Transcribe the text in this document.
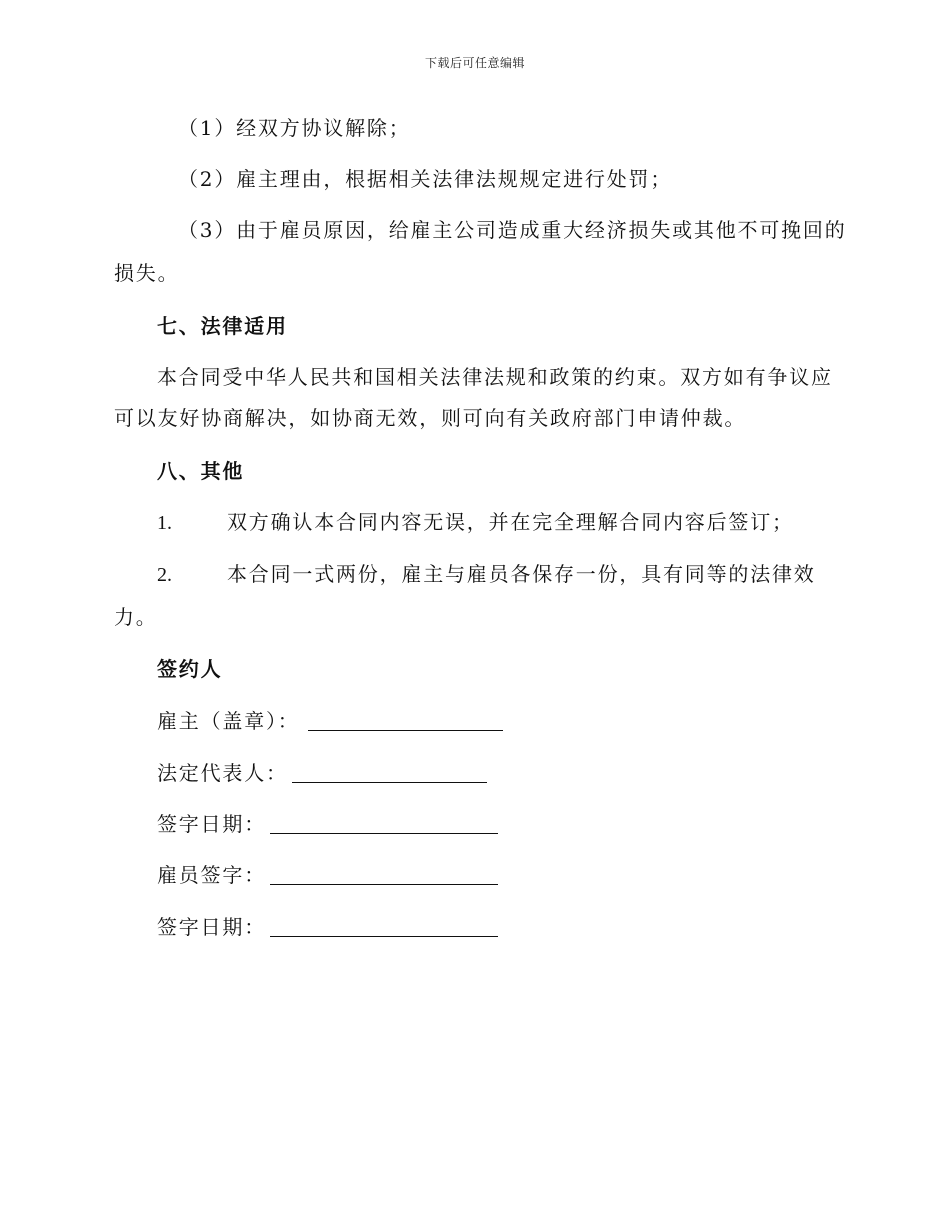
下载后可任意编辑
（1）经双方协议解除；
（2）雇主理由，根据相关法律法规规定进行处罚；
（3）由于雇员原因，给雇主公司造成重大经济损失或其他不可挽回的
损失。
七、法律适用
本合同受中华人民共和国相关法律法规和政策的约束。双方如有争议应
可以友好协商解决，如协商无效，则可向有关政府部门申请仲裁。
八、其他
1.	双方确认本合同内容无误，并在完全理解合同内容后签订；
2.	本合同一式两份，雇主与雇员各保存一份，具有同等的法律效
力。
签约人
雇主（盖章）：
法定代表人：
签字日期：
雇员签字：
签字日期：
